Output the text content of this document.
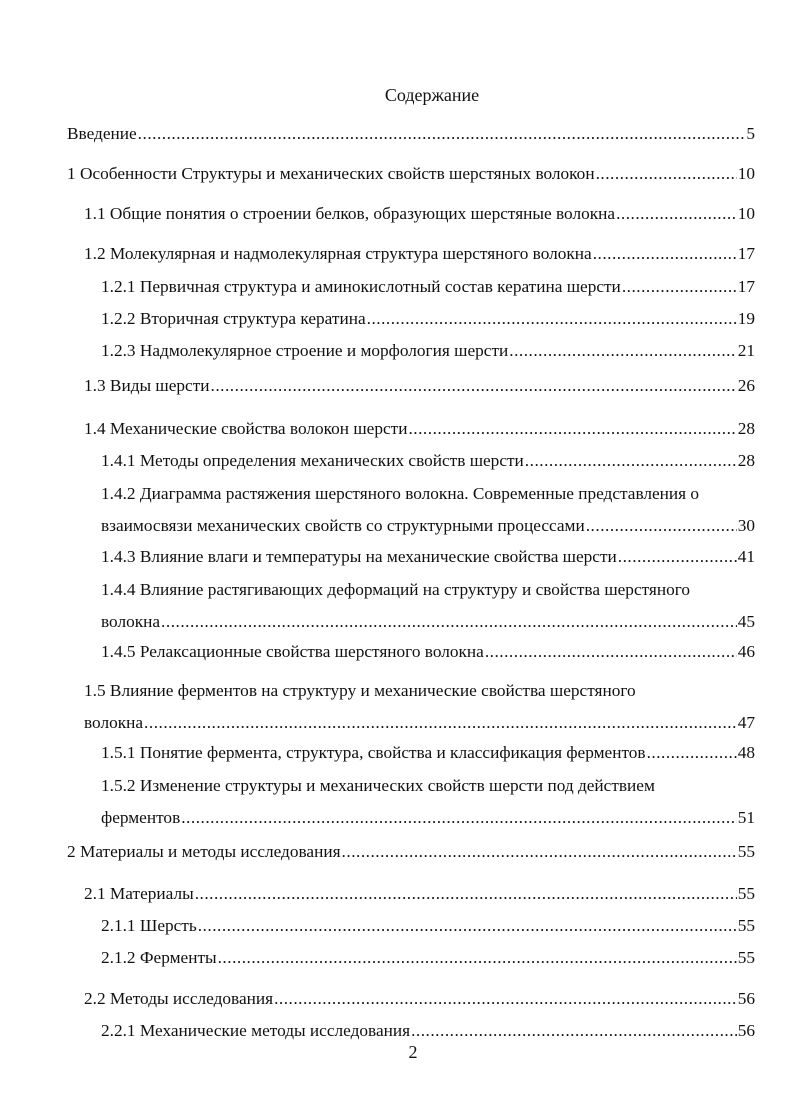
Содержание
Введение .....	5
1 Особенности Структуры и механических свойств шерстяных волокон .....	10
1.1 Общие понятия о строении белков, образующих шерстяные волокна .....	10
1.2 Молекулярная и надмолекулярная структура шерстяного волокна .....	17
1.2.1 Первичная структура и аминокислотный состав кератина шерсти .....	17
1.2.2 Вторичная структура кератина .....	19
1.2.3 Надмолекулярное строение и морфология шерсти .....	21
1.3 Виды шерсти .....	26
1.4 Механические свойства волокон шерсти .....	28
1.4.1 Методы определения механических свойств шерсти .....	28
1.4.2 Диаграмма растяжения шерстяного волокна. Современные представления о
взаимосвязи механических свойств со структурными процессами .....	30
1.4.3 Влияние влаги и температуры на механические свойства шерсти .....	41
1.4.4 Влияние растягивающих деформаций на структуру и свойства шерстяного
волокна .....	45
1.4.5 Релаксационные свойства шерстяного волокна .....	46
1.5 Влияние ферментов на структуру и механические свойства шерстяного
волокна .....	47
1.5.1 Понятие фермента, структура, свойства и классификация ферментов .....	48
1.5.2 Изменение структуры и механических свойств шерсти под действием
ферментов .....	51
2 Материалы и методы исследования .....	55
2.1 Материалы .....	55
2.1.1 Шерсть .....	55
2.1.2 Ферменты .....	55
2.2 Методы исследования .....	56
2.2.1 Механические методы исследования .....	56
2
